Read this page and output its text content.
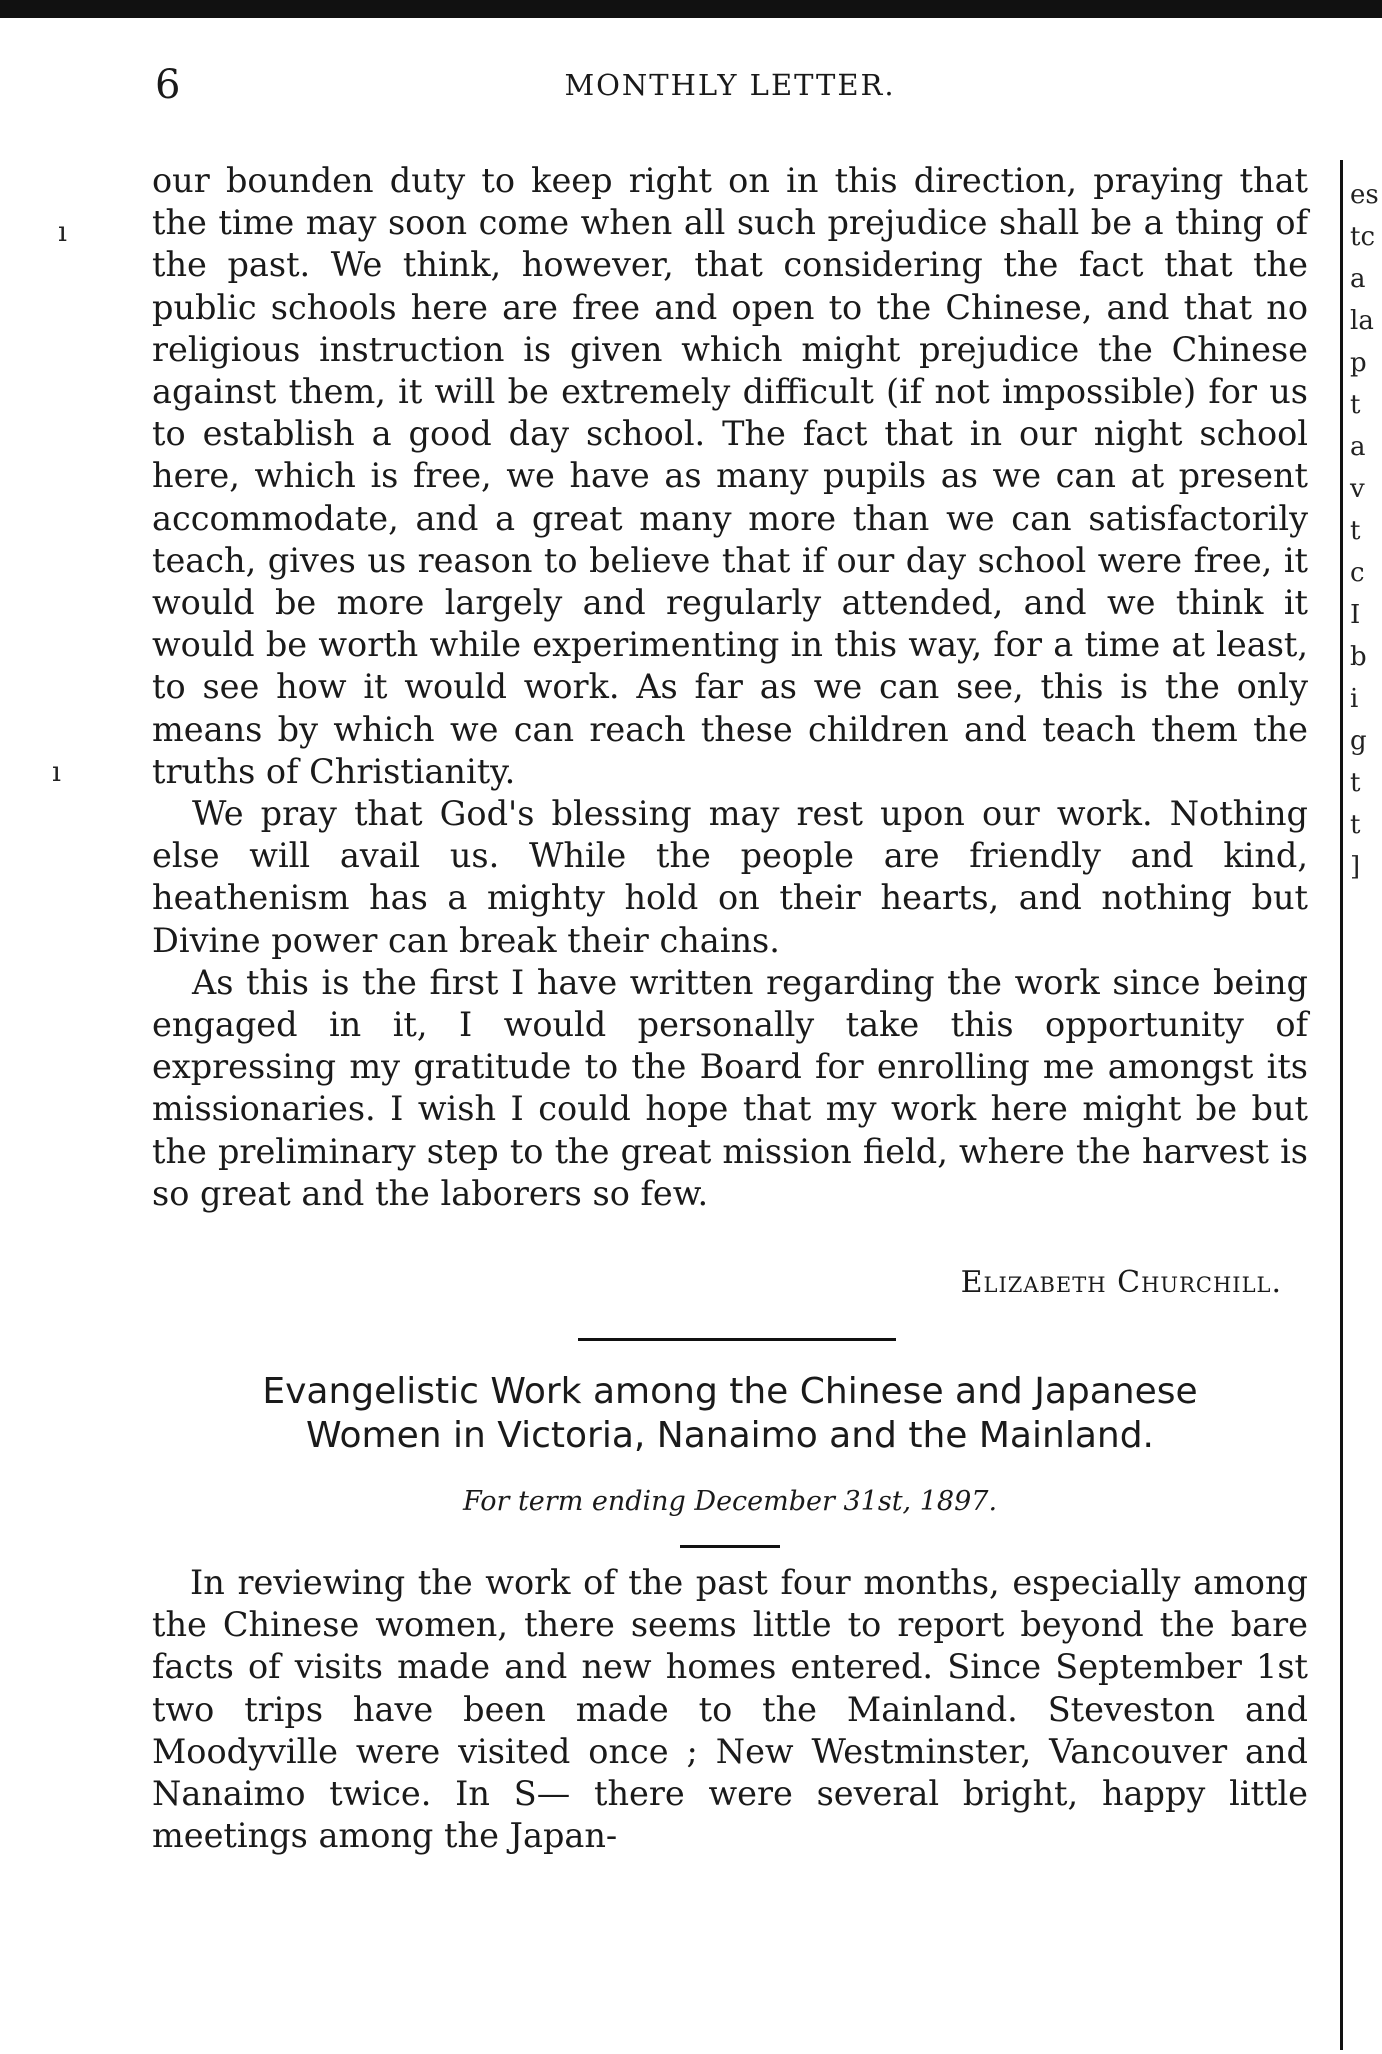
ı
ı
6	MONTHLY LETTER.

our bounden duty to keep right on in this direction, praying that the time may soon come when all such prejudice shall be a thing of the past. We think, however, that considering the fact that the public schools here are free and open to the Chinese, and that no religious instruction is given which might prejudice the Chinese against them, it will be extremely difficult (if not impossible) for us to establish a good day school. The fact that in our night school here, which is free, we have as many pupils as we can at present accommodate, and a great many more than we can satisfactorily teach, gives us reason to believe that if our day school were free, it would be more largely and regularly attended, and we think it would be worth while experimenting in this way, for a time at least, to see how it would work. As far as we can see, this is the only means by which we can reach these children and teach them the truths of Christianity.

We pray that God's blessing may rest upon our work. Nothing else will avail us. While the people are friendly and kind, heathenism has a mighty hold on their hearts, and nothing but Divine power can break their chains.

As this is the first I have written regarding the work since being engaged in it, I would personally take this opportunity of expressing my gratitude to the Board for enrolling me amongst its missionaries. I wish I could hope that my work here might be but the preliminary step to the great mission field, where the harvest is so great and the laborers so few.

Elizabeth Churchill.
Evangelistic Work among the Chinese and Japanese
Women in Victoria, Nanaimo and the Mainland.
For term ending December 31st, 1897.
In reviewing the work of the past four months, especially among the Chinese women, there seems little to report beyond the bare facts of visits made and new homes entered. Since September 1st two trips have been made to the Mainland. Steveston and Moodyville were visited once ; New Westminster, Vancouver and Nanaimo twice. In S— there were several bright, happy little meetings among the Japan-
es
tc
a
la
p
t
a
v
t
c
I
b
i
g
t
t
]
